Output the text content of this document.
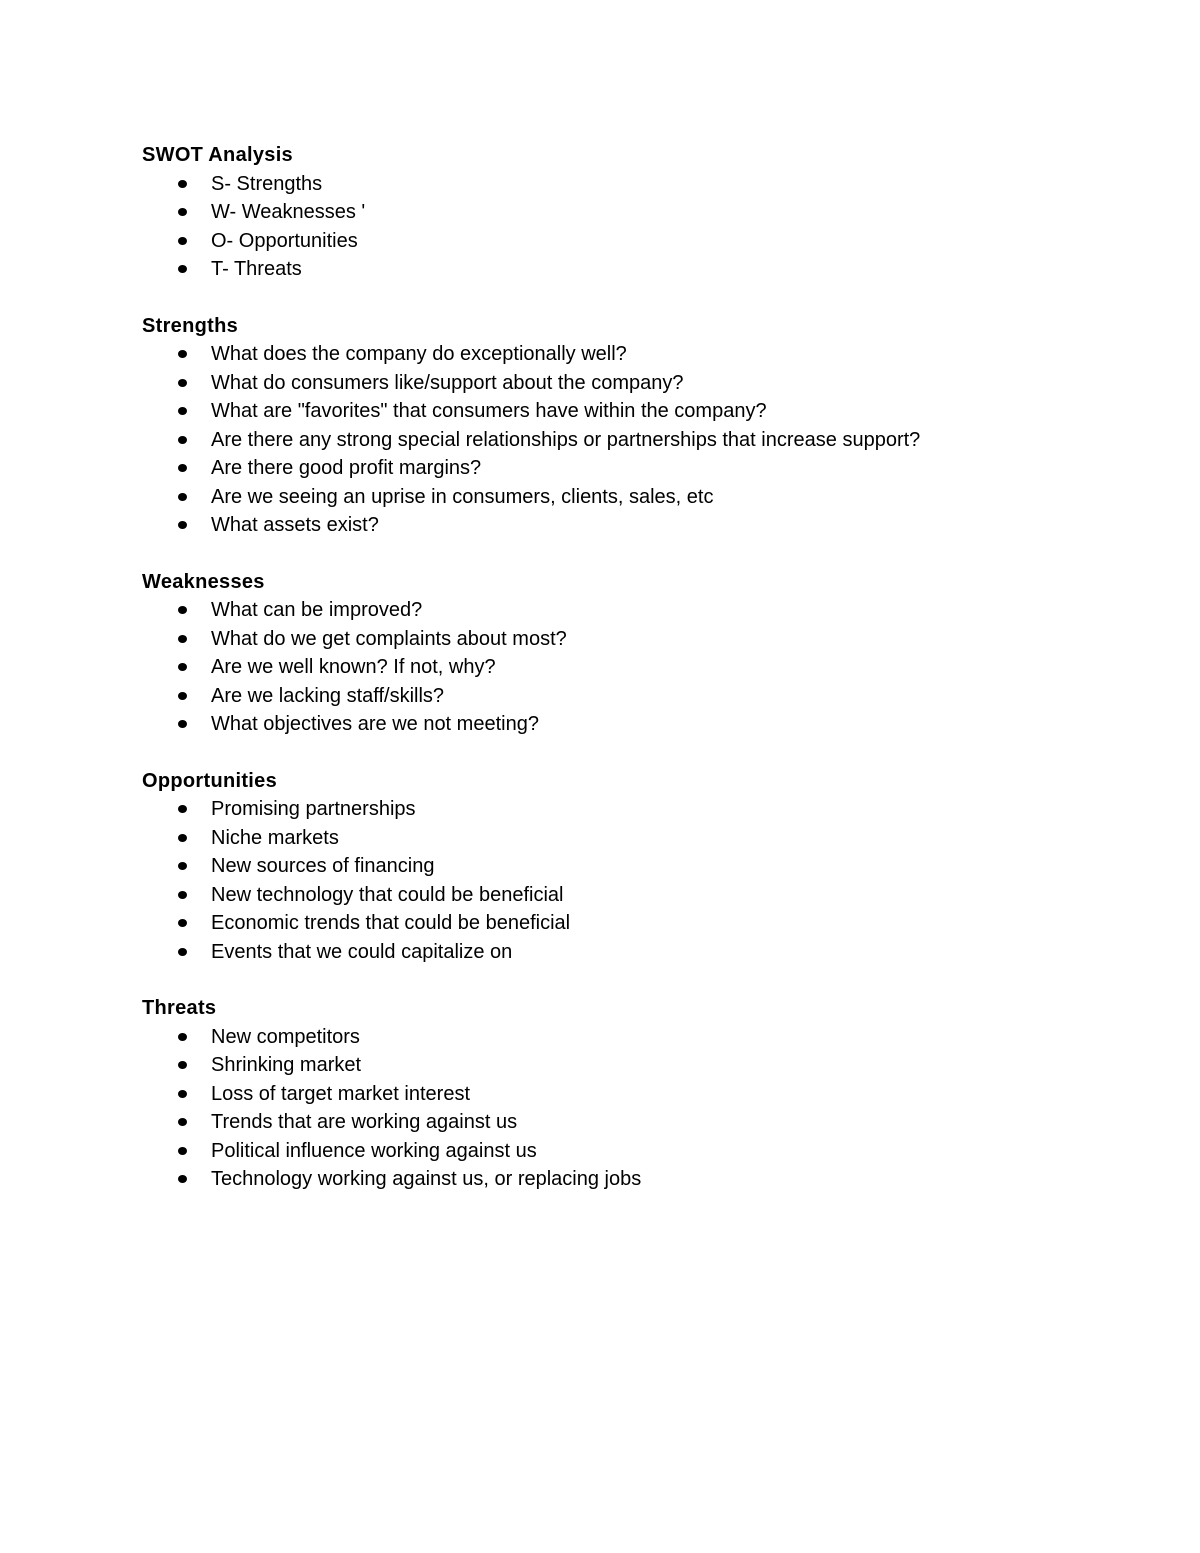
SWOT Analysis
S- Strengths
W- Weaknesses '
O- Opportunities
T- Threats
Strengths
What does the company do exceptionally well?
What do consumers like/support about the company?
What are "favorites" that consumers have within the company?
Are there any strong special relationships or partnerships that increase support?
Are there good profit margins?
Are we seeing an uprise in consumers, clients, sales, etc
What assets exist?
Weaknesses
What can be improved?
What do we get complaints about most?
Are we well known? If not, why?
Are we lacking staff/skills?
What objectives are we not meeting?
Opportunities
Promising partnerships
Niche markets
New sources of financing
New technology that could be beneficial
Economic trends that could be beneficial
Events that we could capitalize on
Threats
New competitors
Shrinking market
Loss of target market interest
Trends that are working against us
Political influence working against us
Technology working against us, or replacing jobs
